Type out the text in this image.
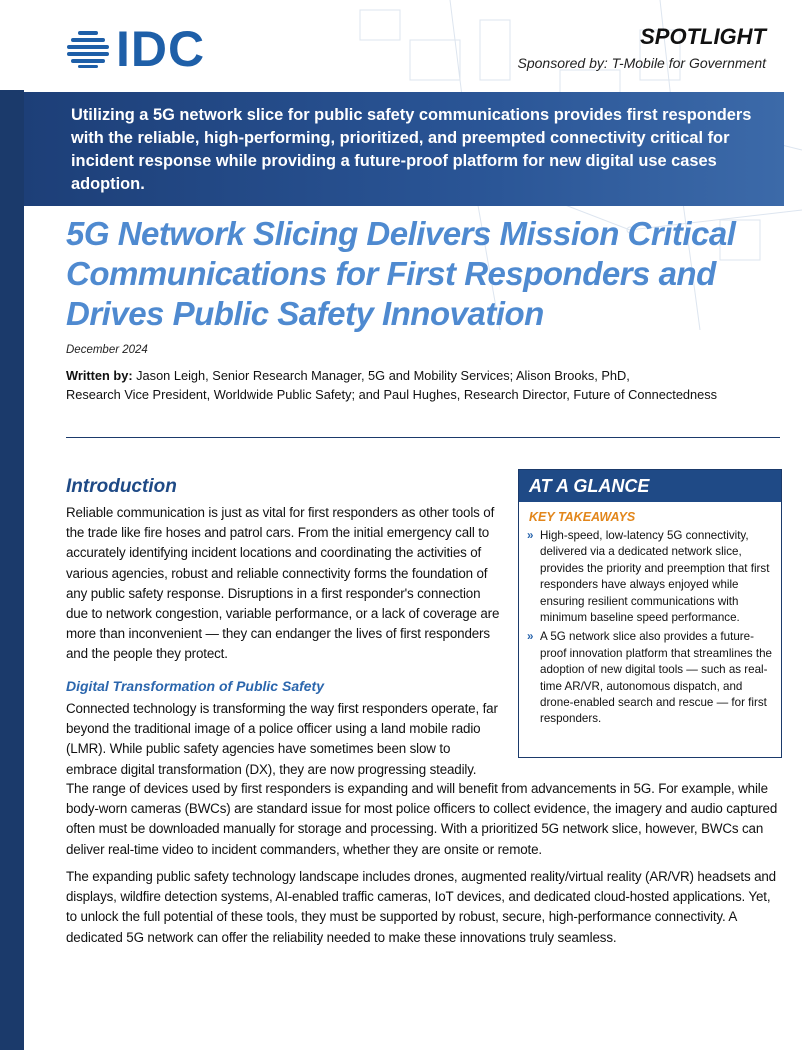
IDC	SPOTLIGHT
Sponsored by: T-Mobile for Government

Utilizing a 5G network slice for public safety communications provides first responders with the reliable, high-performing, prioritized, and preempted connectivity critical for incident response while providing a future-proof platform for new digital use cases adoption.

5G Network Slicing Delivers Mission Critical
Communications for First Responders and
Drives Public Safety Innovation
December 2024
Written by: Jason Leigh, Senior Research Manager, 5G and Mobility Services; Alison Brooks, PhD,
Research Vice President, Worldwide Public Safety; and Paul Hughes, Research Director, Future of Connectedness
Introduction

Reliable communication is just as vital for first responders as other tools of the trade like fire hoses and patrol cars. From the initial emergency call to accurately identifying incident locations and coordinating the activities of various agencies, robust and reliable connectivity forms the foundation of any public safety response. Disruptions in a first responder's connection due to network congestion, variable performance, or a lack of coverage are more than inconvenient — they can endanger the lives of first responders and the people they protect.

Digital Transformation of Public Safety

Connected technology is transforming the way first responders operate, far beyond the traditional image of a police officer using a land mobile radio (LMR). While public safety agencies have sometimes been slow to embrace digital transformation (DX), they are now progressing steadily.

The range of devices used by first responders is expanding and will benefit from advancements in 5G. For example, while body-worn cameras (BWCs) are standard issue for most police officers to collect evidence, the imagery and audio captured often must be downloaded manually for storage and processing. With a prioritized 5G network slice, however, BWCs can deliver real-time video to incident commanders, whether they are onsite or remote.

The expanding public safety technology landscape includes drones, augmented reality/virtual reality (AR/VR) headsets and displays, wildfire detection systems, AI-enabled traffic cameras, IoT devices, and dedicated cloud-hosted applications. Yet, to unlock the full potential of these tools, they must be supported by robust, secure, high-performance connectivity. A dedicated 5G network can offer the reliability needed to make these innovations truly seamless.

AT A GLANCE
KEY TAKEAWAYS
» High-speed, low-latency 5G connectivity, delivered via a dedicated network slice, provides the priority and preemption that first responders have always enjoyed while ensuring resilient communications with minimum baseline speed performance.
» A 5G network slice also provides a future-proof innovation platform that streamlines the adoption of new digital tools — such as real-time AR/VR, autonomous dispatch, and drone-enabled search and rescue — for first responders.
